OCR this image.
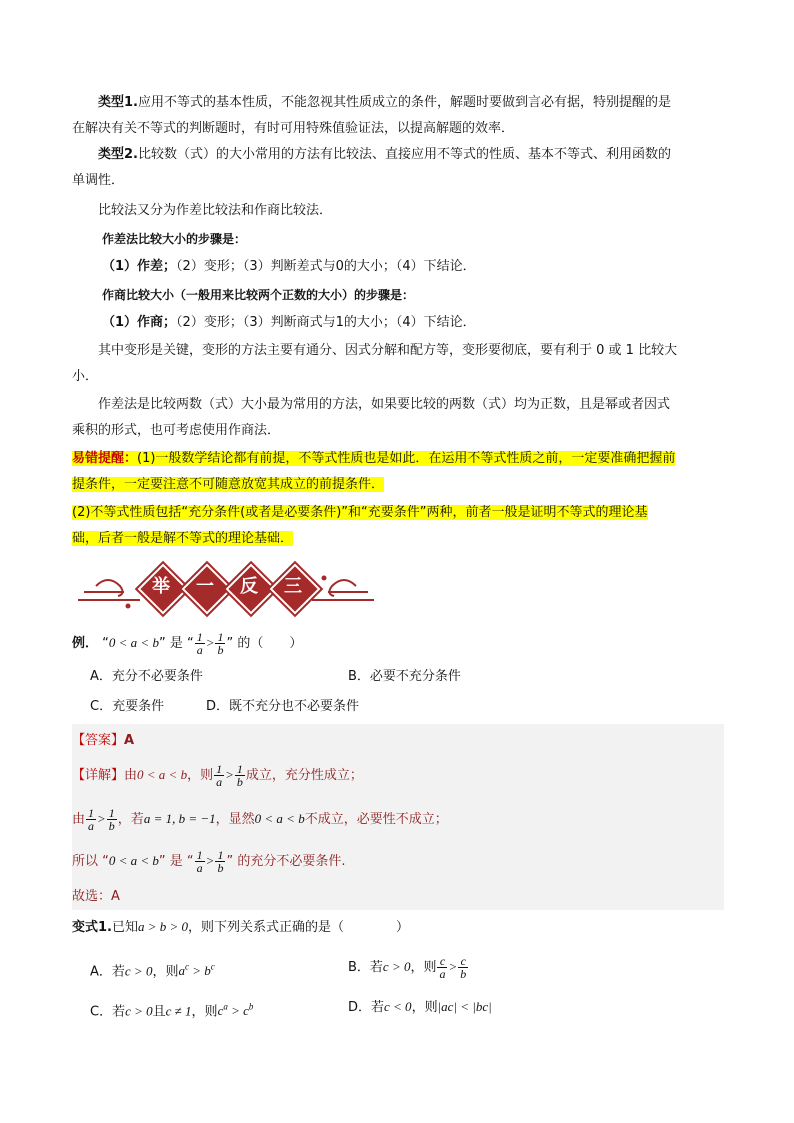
类型1.应用不等式的基本性质，不能忽视其性质成立的条件，解题时要做到言必有据，特别提醒的是
在解决有关不等式的判断题时，有时可用特殊值验证法，以提高解题的效率．
类型2.比较数（式）的大小常用的方法有比较法、直接应用不等式的性质、基本不等式、利用函数的
单调性．
比较法又分为作差比较法和作商比较法．
作差法比较大小的步骤是：
（1）作差；（2）变形；（3）判断差式与0的大小；（4）下结论．
作商比较大小（一般用来比较两个正数的大小）的步骤是：
（1）作商；（2）变形；（3）判断商式与1的大小；（4）下结论．
其中变形是关键，变形的方法主要有通分、因式分解和配方等，变形要彻底，要有利于 0 或 1 比较大
小．
作差法是比较两数（式）大小最为常用的方法，如果要比较的两数（式）均为正数，且是幂或者因式
乘积的形式，也可考虑使用作商法．
易错提醒：(1)一般数学结论都有前提，不等式性质也是如此．在运用不等式性质之前，一定要准确把握前
提条件，一定要注意不可随意放宽其成立的前提条件．
(2)不等式性质包括“充分条件(或者是必要条件)”和“充要条件”两种，前者一般是证明不等式的理论基
础，后者一般是解不等式的理论基础．
举	一	反	三
例． “0 < a < b” 是 “ $\frac{1}{a} > \frac{1}{b}$ ” 的（　　）
A．充分不必要条件	B．必要不充分条件
C．充要条件	D．既不充分也不必要条件
【答案】A
【详解】由0 < a < b，则 $\frac{1}{a} > \frac{1}{b}$ 成立，充分性成立；
由 $\frac{1}{a} > \frac{1}{b}$ ，若a = 1, b = −1，显然0 < a < b不成立，必要性不成立；
所以 “0 < a < b” 是 “ $\frac{1}{a} > \frac{1}{b}$ ” 的充分不必要条件.
故选：A
变式1.已知a > b > 0，则下列关系式正确的是（　　　　）
A．若c > 0，则$a^c > b^c$	B．若c > 0，则 $\frac{c}{a} > \frac{c}{b}$
C．若c > 0且c ≠ 1，则$c^a > c^b$	D．若c < 0，则|ac| < |bc|
